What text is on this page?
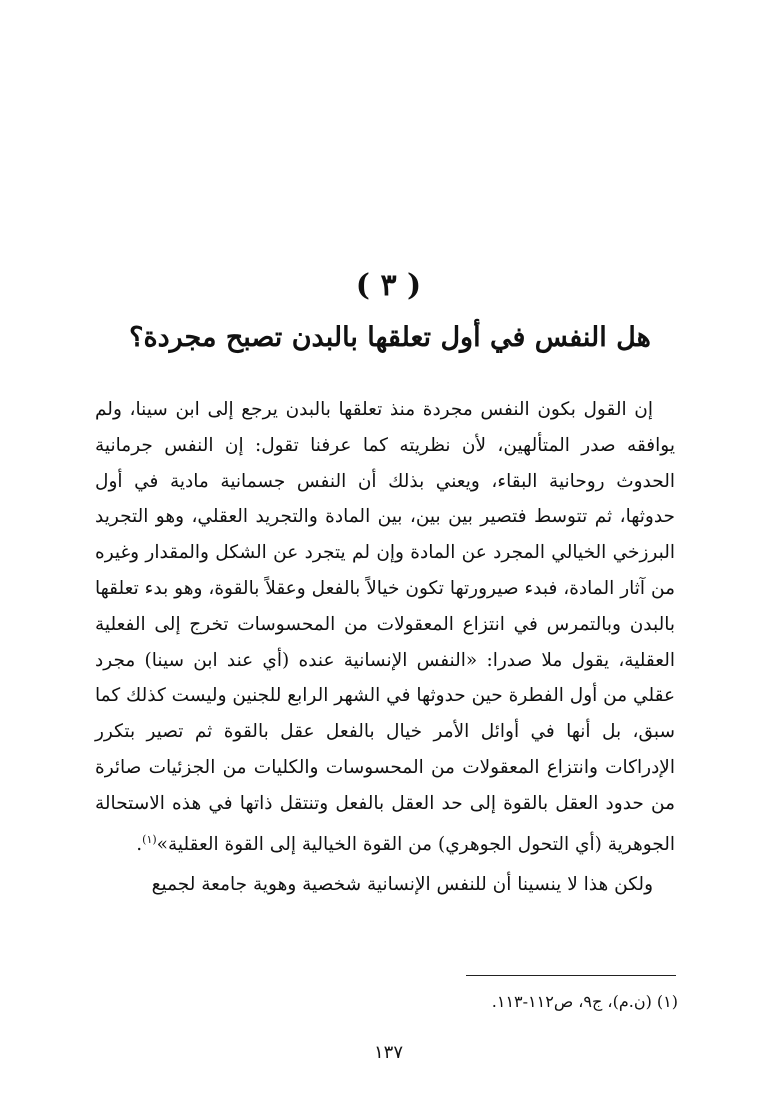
( ٣ )
هل النفس في أول تعلقها بالبدن تصبح مجردة؟

إن القول بكون النفس مجردة منذ تعلقها بالبدن يرجع إلى ابن سينا، ولم يوافقه صدر المتألهين، لأن نظريته كما عرفنا تقول: إن النفس جرمانية الحدوث روحانية البقاء، ويعني بذلك أن النفس جسمانية مادية في أول حدوثها، ثم تتوسط فتصير بين بين، بين المادة والتجريد العقلي، وهو التجريد البرزخي الخيالي المجرد عن المادة وإن لم يتجرد عن الشكل والمقدار وغيره من آثار المادة، فبدء صيرورتها تكون خيالاً بالفعل وعقلاً بالقوة، وهو بدء تعلقها بالبدن وبالتمرس في انتزاع المعقولات من المحسوسات تخرج إلى الفعلية العقلية، يقول ملا صدرا: «النفس الإنسانية عنده (أي عند ابن سينا) مجرد عقلي من أول الفطرة حين حدوثها في الشهر الرابع للجنين وليست كذلك كما سبق، بل أنها في أوائل الأمر خيال بالفعل عقل بالقوة ثم تصير بتكرر الإدراكات وانتزاع المعقولات من المحسوسات والكليات من الجزئيات صائرة من حدود العقل بالقوة إلى حد العقل بالفعل وتنتقل ذاتها في هذه الاستحالة الجوهرية (أي التحول الجوهري) من القوة الخيالية إلى القوة العقلية»$^{(١)}$.

ولكن هذا لا ينسينا أن للنفس الإنسانية شخصية وهوية جامعة لجميع

(١) (ن.م)، ج٩، ص١١٢-١١٣.
١٣٧
